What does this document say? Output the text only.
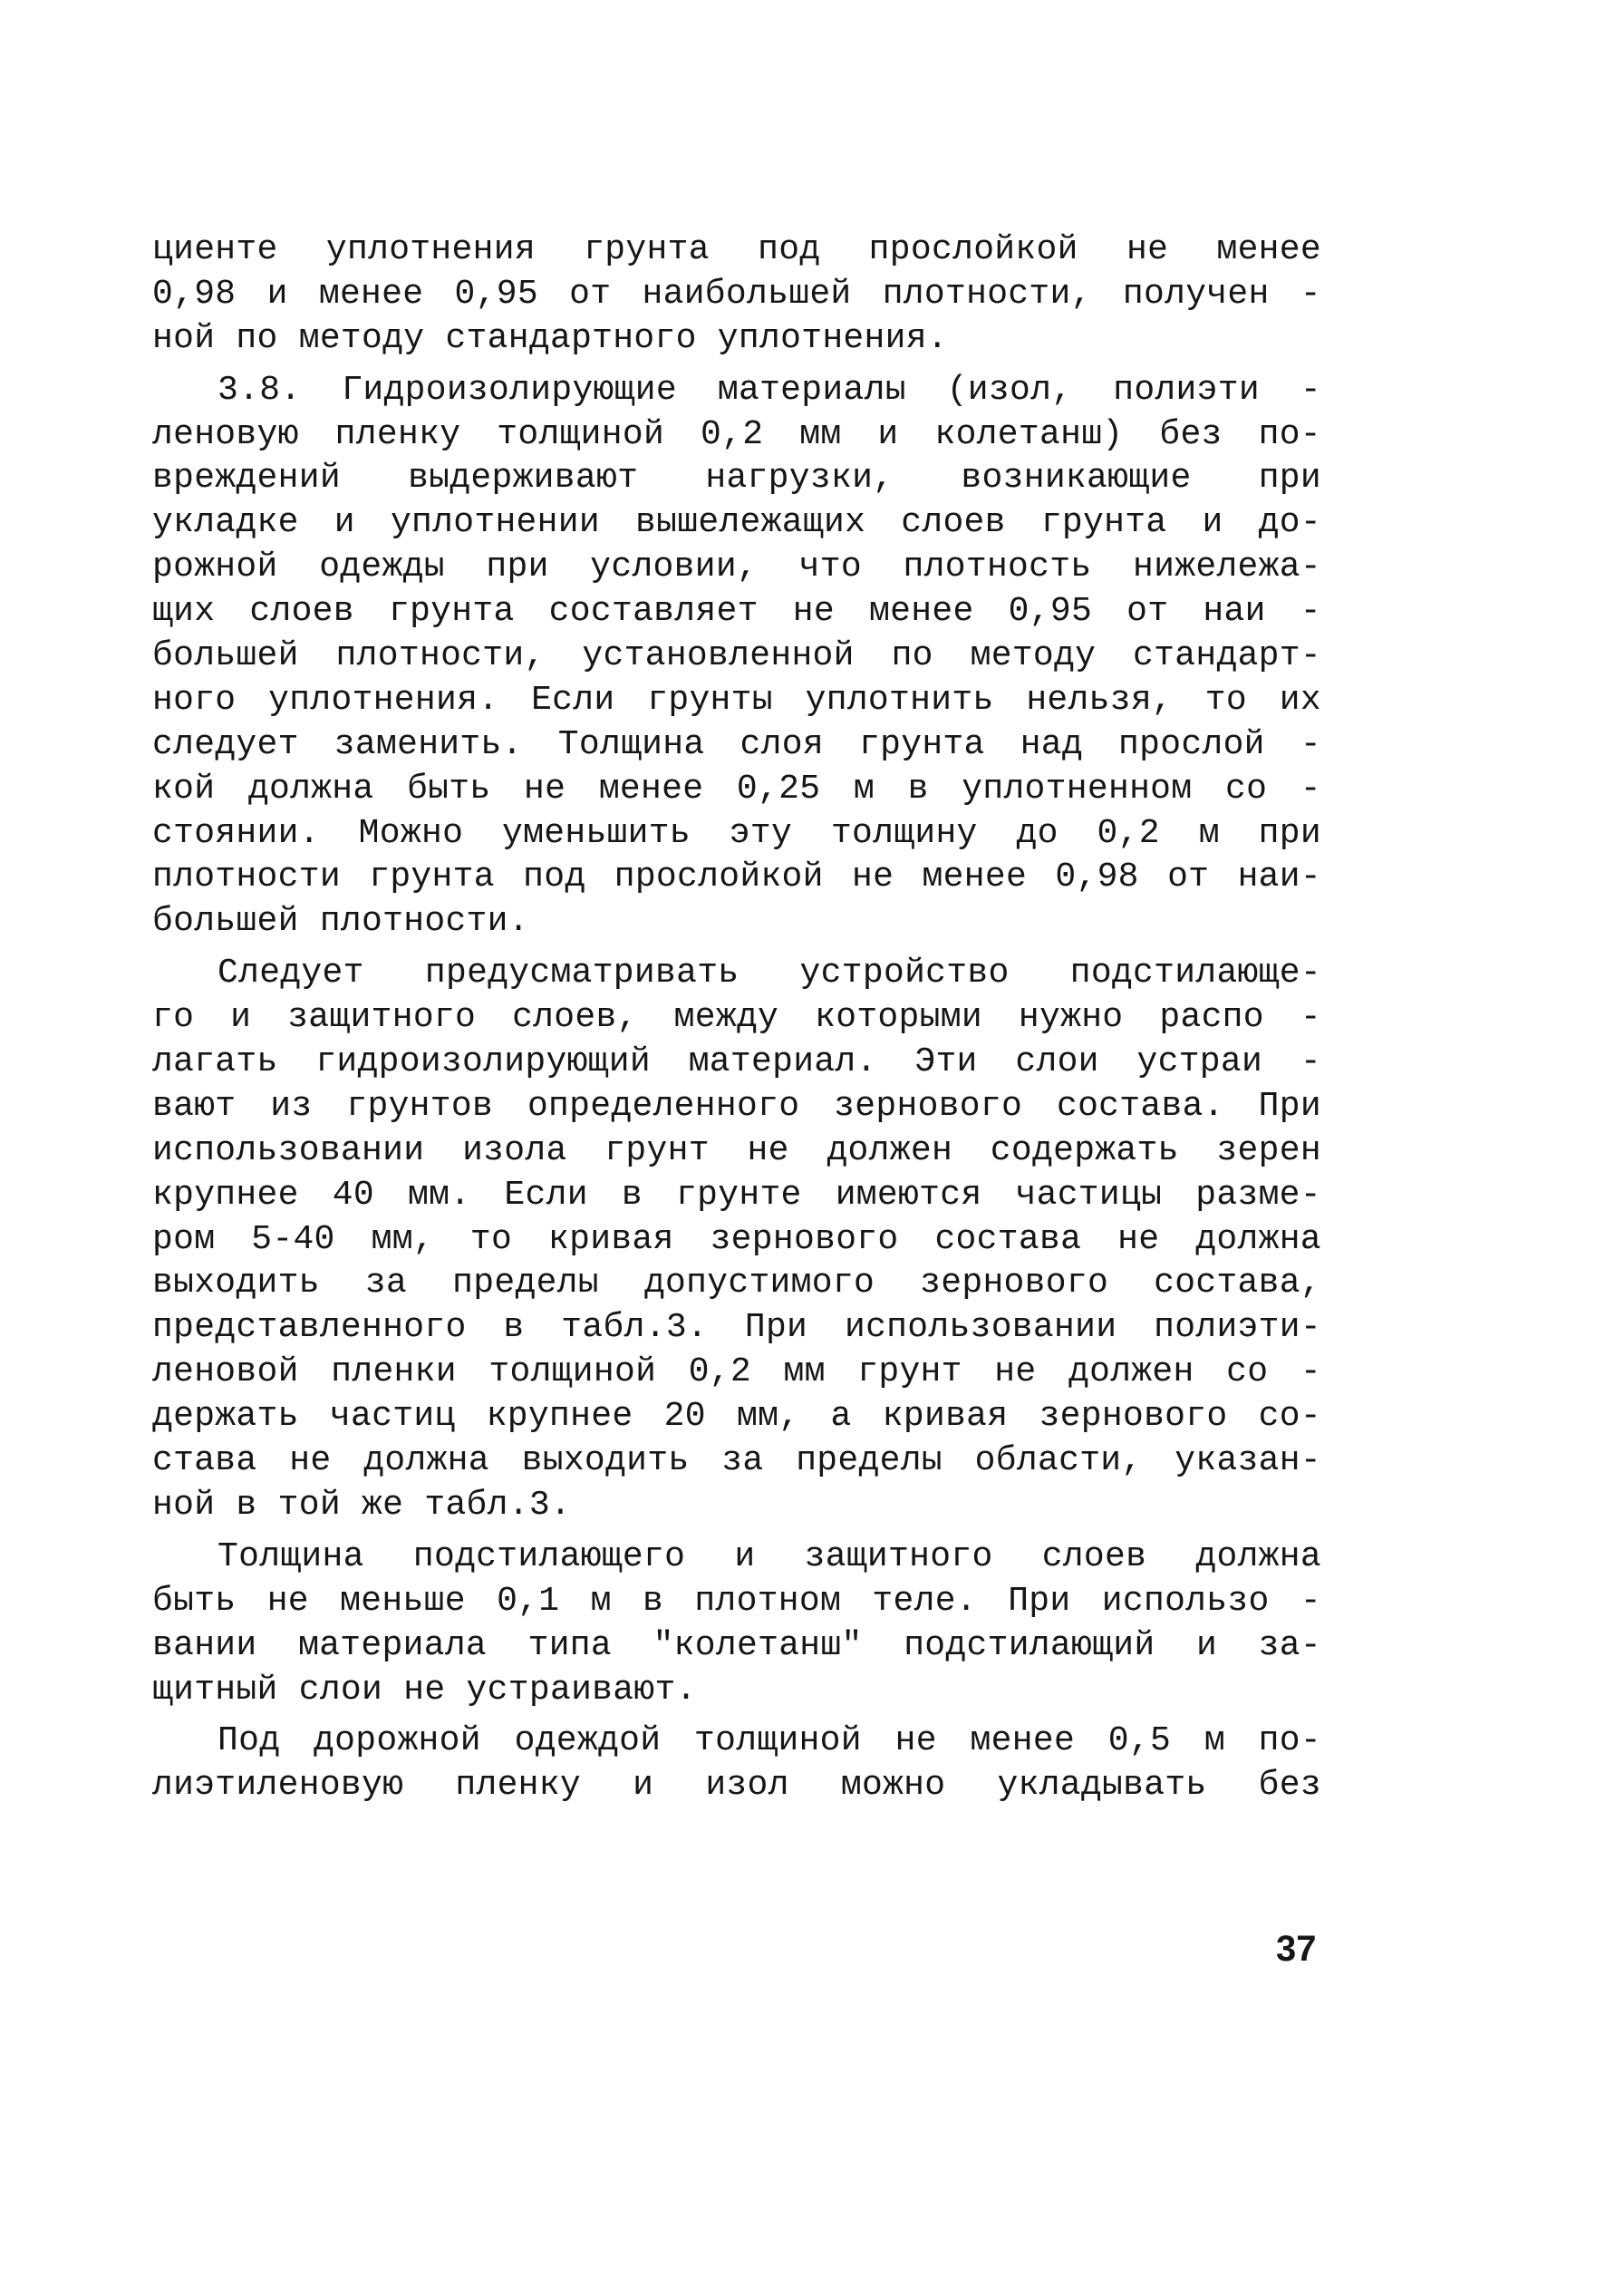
циенте уплотнения грунта под прослойкой не менее
0,98 и менее 0,95 от наибольшей плотности, получен -
ной по методу стандартного уплотнения.
3.8. Гидроизолирующие материалы (изол, полиэти -
леновую пленку толщиной 0,2 мм и колетанш) без по-
вреждений выдерживают нагрузки, возникающие при
укладке и уплотнении вышележащих слоев грунта и до-
рожной одежды при условии, что плотность нижележа-
щих слоев грунта составляет не менее 0,95 от наи -
большей плотности, установленной по методу стандарт-
ного уплотнения. Если грунты уплотнить нельзя, то их
следует заменить. Толщина слоя грунта над прослой -
кой должна быть не менее 0,25 м в уплотненном со -
стоянии. Можно уменьшить эту толщину до 0,2 м при
плотности грунта под прослойкой не менее 0,98 от наи-
большей плотности.
Следует предусматривать устройство подстилающе-
го и защитного слоев, между которыми нужно распо -
лагать гидроизолирующий материал. Эти слои устраи -
вают из грунтов определенного зернового состава. При
использовании изола грунт не должен содержать зерен
крупнее 40 мм. Если в грунте имеются частицы разме-
ром 5-40 мм, то кривая зернового состава не должна
выходить за пределы допустимого зернового состава,
представленного в табл.3. При использовании полиэти-
леновой пленки толщиной 0,2 мм грунт не должен со -
держать частиц крупнее 20 мм, а кривая зернового со-
става не должна выходить за пределы области, указан-
ной в той же табл.3.
Толщина подстилающего и защитного слоев должна
быть не меньше 0,1 м в плотном теле. При использо -
вании материала типа "колетанш" подстилающий и за-
щитный слои не устраивают.
Под дорожной одеждой толщиной не менее 0,5 м по-
лиэтиленовую пленку и изол можно укладывать без
37
